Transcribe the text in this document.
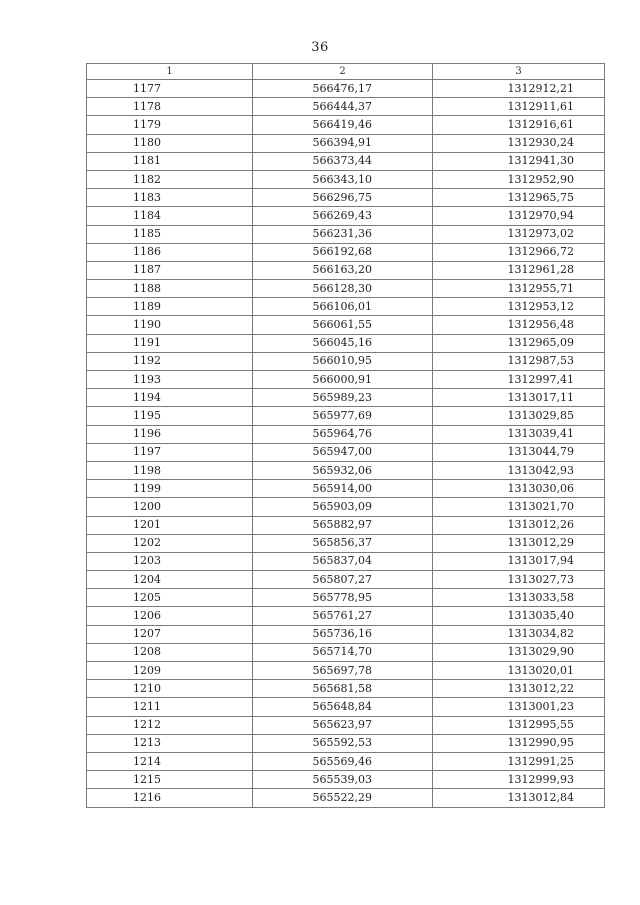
36
1	2	3
1177	566476,17	1312912,21
1178	566444,37	1312911,61
1179	566419,46	1312916,61
1180	566394,91	1312930,24
1181	566373,44	1312941,30
1182	566343,10	1312952,90
1183	566296,75	1312965,75
1184	566269,43	1312970,94
1185	566231,36	1312973,02
1186	566192,68	1312966,72
1187	566163,20	1312961,28
1188	566128,30	1312955,71
1189	566106,01	1312953,12
1190	566061,55	1312956,48
1191	566045,16	1312965,09
1192	566010,95	1312987,53
1193	566000,91	1312997,41
1194	565989,23	1313017,11
1195	565977,69	1313029,85
1196	565964,76	1313039,41
1197	565947,00	1313044,79
1198	565932,06	1313042,93
1199	565914,00	1313030,06
1200	565903,09	1313021,70
1201	565882,97	1313012,26
1202	565856,37	1313012,29
1203	565837,04	1313017,94
1204	565807,27	1313027,73
1205	565778,95	1313033,58
1206	565761,27	1313035,40
1207	565736,16	1313034,82
1208	565714,70	1313029,90
1209	565697,78	1313020,01
1210	565681,58	1313012,22
1211	565648,84	1313001,23
1212	565623,97	1312995,55
1213	565592,53	1312990,95
1214	565569,46	1312991,25
1215	565539,03	1312999,93
1216	565522,29	1313012,84
